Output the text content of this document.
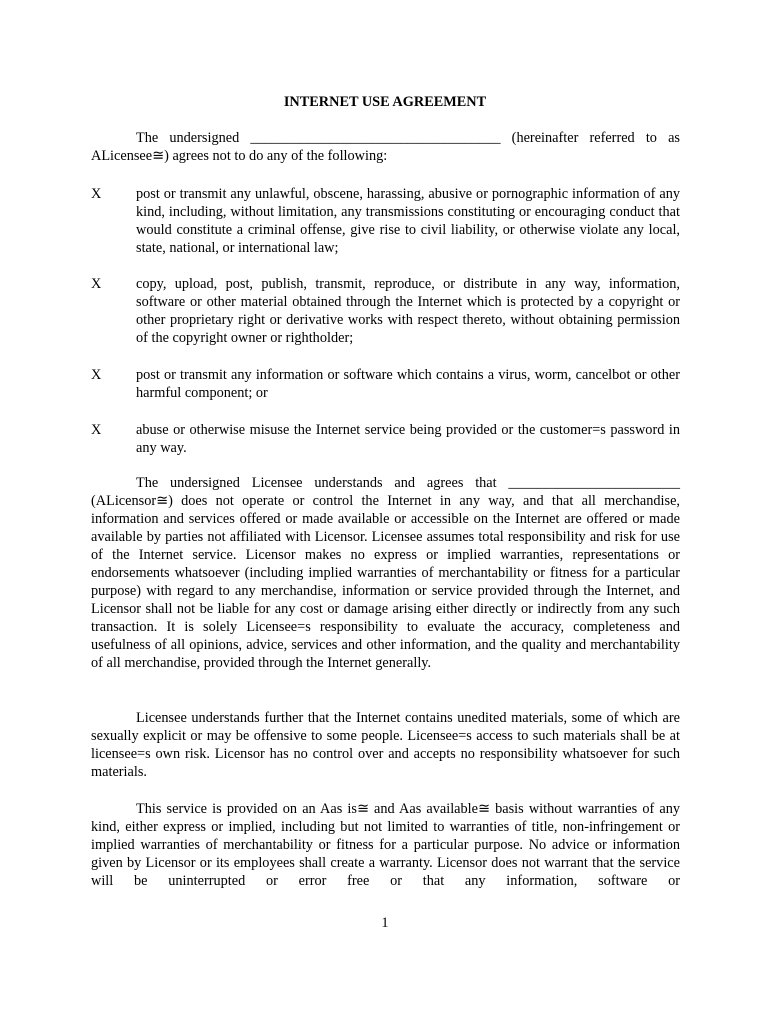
INTERNET USE AGREEMENT

The undersigned ___________________________________ (hereinafter referred to as ALicensee≅) agrees not to do any of the following:

X post or transmit any unlawful, obscene, harassing, abusive or pornographic information of any kind, including, without limitation, any transmissions constituting or encouraging conduct that would constitute a criminal offense, give rise to civil liability, or otherwise violate any local, state, national, or international law;
X copy, upload, post, publish, transmit, reproduce, or distribute in any way, information, software or other material obtained through the Internet which is protected by a copyright or other proprietary right or derivative works with respect thereto, without obtaining permission of the copyright owner or rightholder;
X post or transmit any information or software which contains a virus, worm, cancelbot or other harmful component; or
X abuse or otherwise misuse the Internet service being provided or the customer=s password in any way.

The undersigned Licensee understands and agrees that ________________________ (ALicensor≅) does not operate or control the Internet in any way, and that all merchandise, information and services offered or made available or accessible on the Internet are offered or made available by parties not affiliated with Licensor. Licensee assumes total responsibility and risk for use of the Internet service. Licensor makes no express or implied warranties, representations or endorsements whatsoever (including implied warranties of merchantability or fitness for a particular purpose) with regard to any merchandise, information or service provided through the Internet, and Licensor shall not be liable for any cost or damage arising either directly or indirectly from any such transaction. It is solely Licensee=s responsibility to evaluate the accuracy, completeness and usefulness of all opinions, advice, services and other information, and the quality and merchantability of all merchandise, provided through the Internet generally.

Licensee understands further that the Internet contains unedited materials, some of which are sexually explicit or may be offensive to some people. Licensee=s access to such materials shall be at licensee=s own risk. Licensor has no control over and accepts no responsibility whatsoever for such materials.

This service is provided on an Aas is≅ and Aas available≅ basis without warranties of any kind, either express or implied, including but not limited to warranties of title, non-infringement or implied warranties of merchantability or fitness for a particular purpose. No advice or information given by Licensor or its employees shall create a warranty. Licensor does not warrant that the service will be uninterrupted or error free or that any information, software or

1
